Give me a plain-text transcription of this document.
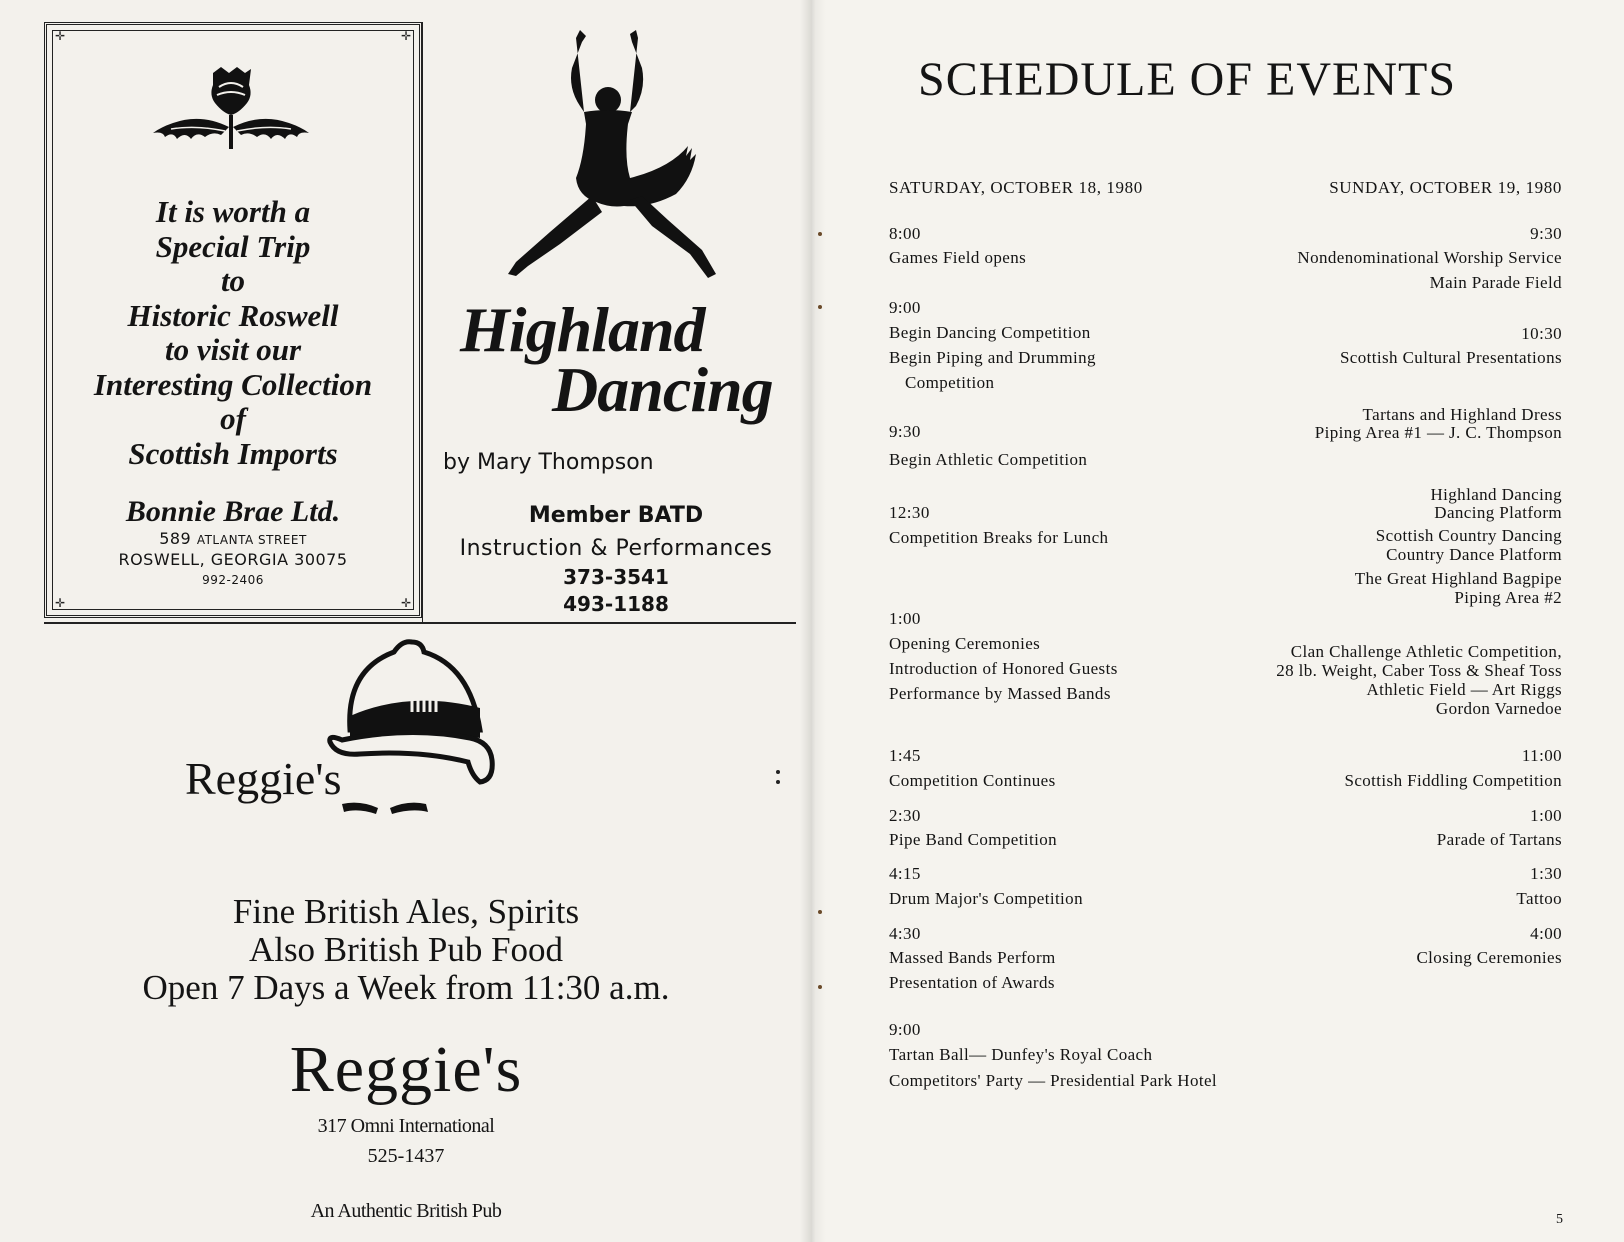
✛	✛
✛	✛
It is worth a
Special Trip
to
Historic Roswell
to visit our
Interesting Collection
of
Scottish Imports
Bonnie Brae Ltd.
589 ATLANTA STREET
ROSWELL, GEORGIA 30075
992-2406
Highland
Dancing
by Mary Thompson
Member BATD
Instruction & Performances
373-3541
493-1188
Reggie's
Fine British Ales, Spirits
Also British Pub Food
Open 7 Days a Week from 11:30 a.m.
Reggie's
317 Omni International
525-1437
An Authentic British Pub
SCHEDULE OF EVENTS
SATURDAY, OCTOBER 18, 1980
8:00
Games Field opens
9:00
Begin Dancing Competition
Begin Piping and Drumming
Competition
9:30
Begin Athletic Competition
12:30
Competition Breaks for Lunch
1:00
Opening Ceremonies
Introduction of Honored Guests
Performance by Massed Bands
1:45
Competition Continues
2:30
Pipe Band Competition
4:15
Drum Major's Competition
4:30
Massed Bands Perform
Presentation of Awards
9:00
Tartan Ball— Dunfey's Royal Coach
Competitors' Party — Presidential Park Hotel
SUNDAY, OCTOBER 19, 1980
9:30
Nondenominational Worship Service
Main Parade Field
10:30
Scottish Cultural Presentations
Tartans and Highland Dress
Piping Area #1 — J. C. Thompson
Highland Dancing
Dancing Platform
Scottish Country Dancing
Country Dance Platform
The Great Highland Bagpipe
Piping Area #2
Clan Challenge Athletic Competition,
28 lb. Weight, Caber Toss & Sheaf Toss
Athletic Field — Art Riggs
Gordon Varnedoe
11:00
Scottish Fiddling Competition
1:00
Parade of Tartans
1:30
Tattoo
4:00
Closing Ceremonies
5
